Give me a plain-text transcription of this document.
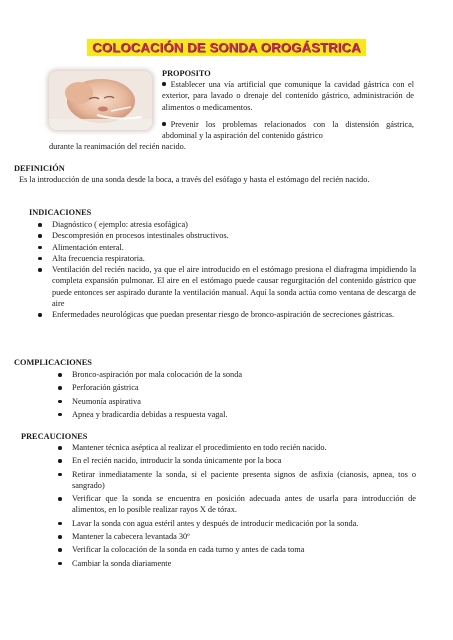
COLOCACIÓN DE SONDA OROGÁSTRICA
PROPOSITO
Establecer una vía artificial que comunique la cavidad gástrica con el exterior, para lavado o drenaje del contenido gástrico, administración de alimentos o medicamentos.
Prevenir los problemas relacionados con la distensión gástrica, abdominal y la aspiración del contenido gástrico
durante la reanimación del recién nacido.
DEFINICIÓN
Es la introducción de una sonda desde la boca, a través del esófago y hasta el estómago del recién nacido.
INDICACIONES
Diagnóstico ( ejemplo: atresia esofágica)
Descompresión en procesos intestinales obstructivos.
Alimentación enteral.
Alta frecuencia respiratoria.
Ventilación del recién nacido, ya que el aire introducido en el estómago presiona el diafragma impidiendo la completa expansión pulmonar. El aire en el estómago puede causar regurgitación del contenido gástrico que puede entonces ser aspirado durante la ventilación manual. Aquí la sonda actúa como ventana de descarga de aire
Enfermedades neurológicas que puedan presentar riesgo de bronco-aspiración de secreciones gástricas.
COMPLICACIONES
Bronco-aspiración por mala colocación de la sonda
Perforación gástrica
Neumonía aspirativa
Apnea y bradicardia debidas a respuesta vagal.
PRECAUCIONES
Mantener técnica aséptica al realizar el procedimiento en todo recién nacido.
En el recién nacido, introducir la sonda únicamente por la boca
Retirar inmediatamente la sonda, si el paciente presenta signos de asfixia (cianosis, apnea, tos o sangrado)
Verificar que la sonda se encuentra en posición adecuada antes de usarla para introducción de alimentos, en lo posible realizar rayos X de tórax.
Lavar la sonda con agua estéril antes y después de introducir medicación por la sonda.
Mantener la cabecera levantada 30º
Verificar la colocación de la sonda en cada turno y antes de cada toma
Cambiar la sonda diariamente
